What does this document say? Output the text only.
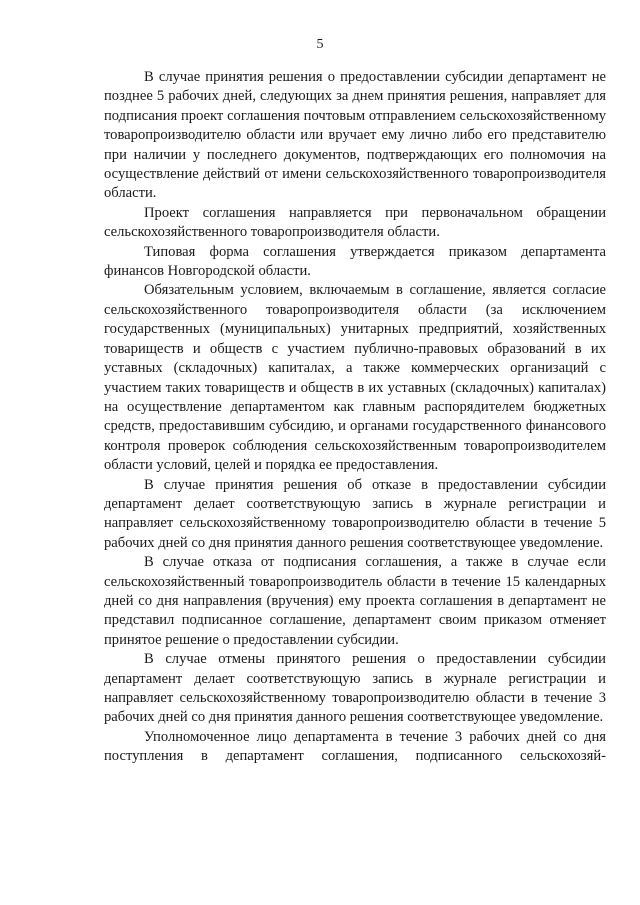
5

В случае принятия решения о предоставлении субсидии департамент не позднее 5 рабочих дней, следующих за днем принятия решения, направляет для подписания проект соглашения почтовым отправлением сельскохозяйственному товаропроизводителю области или вручает ему лично либо его представителю при наличии у последнего документов, подтверждающих его полномочия на осуществление действий от имени сельскохозяйственного товаропроизводителя области.

Проект соглашения направляется при первоначальном обращении сельскохозяйственного товаропроизводителя области.

Типовая форма соглашения утверждается приказом департамента финансов Новгородской области.

Обязательным условием, включаемым в соглашение, является согласие сельскохозяйственного товаропроизводителя области (за исключением государственных (муниципальных) унитарных предприятий, хозяйственных товариществ и обществ с участием публично-правовых образований в их уставных (складочных) капиталах, а также коммерческих организаций с участием таких товариществ и обществ в их уставных (складочных) капиталах) на осуществление департаментом как главным распорядителем бюджетных средств, предоставившим субсидию, и органами государственного финансового контроля проверок соблюдения сельскохозяйственным товаропроизводителем области условий, целей и порядка ее предоставления.

В случае принятия решения об отказе в предоставлении субсидии департамент делает соответствующую запись в журнале регистрации и направляет сельскохозяйственному товаропроизводителю области в течение 5 рабочих дней со дня принятия данного решения соответствующее уведомление.

В случае отказа от подписания соглашения, а также в случае если сельскохозяйственный товаропроизводитель области в течение 15 календарных дней со дня направления (вручения) ему проекта соглашения в департамент не представил подписанное соглашение, департамент своим приказом отменяет принятое решение о предоставлении субсидии.

В случае отмены принятого решения о предоставлении субсидии департамент делает соответствующую запись в журнале регистрации и направляет сельскохозяйственному товаропроизводителю области в течение 3 рабочих дней со дня принятия данного решения соответствующее уведомление.

Уполномоченное лицо департамента в течение 3 рабочих дней со дня поступления в департамент соглашения, подписанного сельскохозяй-
